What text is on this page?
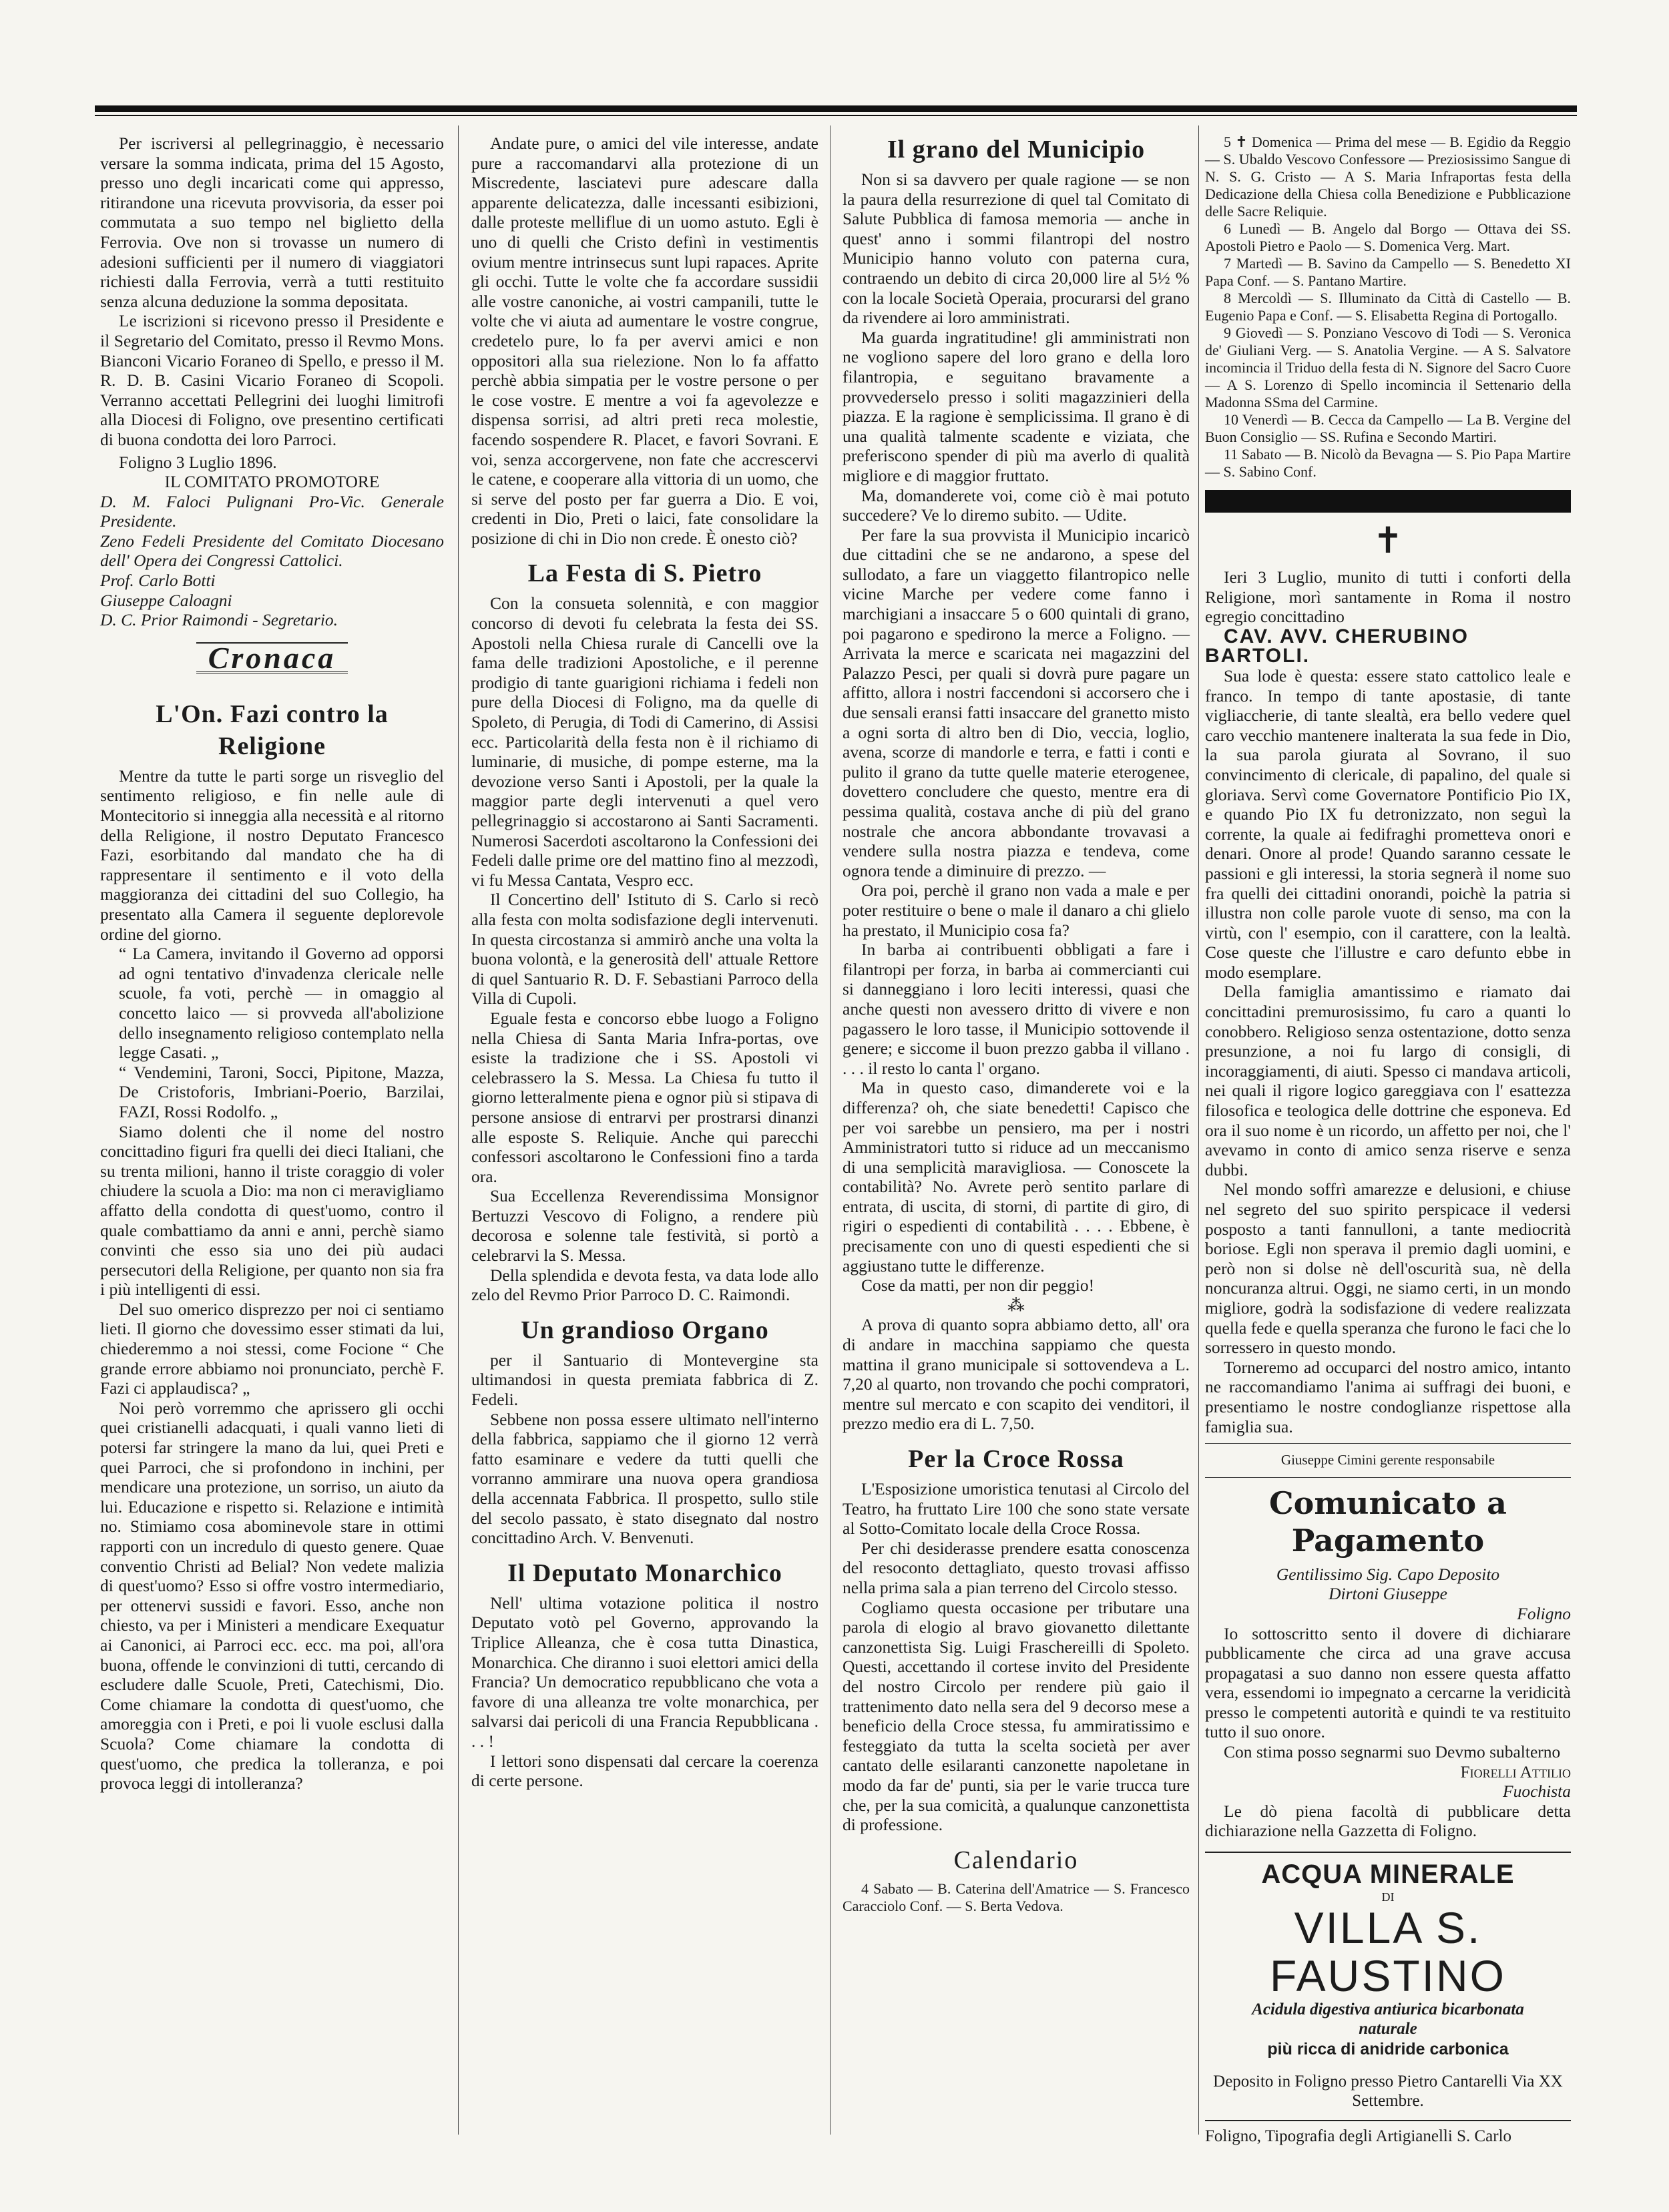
Per iscriversi al pellegrinaggio, è necessario versare la somma indicata, prima del 15 Agosto, presso uno degli incaricati come qui appresso, ritirandone una ricevuta provvisoria, da esser poi commutata a suo tempo nel biglietto della Ferrovia. Ove non si trovasse un numero di adesioni sufficienti per il numero di viaggiatori richiesti dalla Ferrovia, verrà a tutti restituito senza alcuna deduzione la somma depositata.

Le iscrizioni si ricevono presso il Presidente e il Segretario del Comitato, presso il Revmo Mons. Bianconi Vicario Foraneo di Spello, e presso il M. R. D. B. Casini Vicario Foraneo di Scopoli. Verranno accettati Pellegrini dei luoghi limitrofi alla Diocesi di Foligno, ove presentino certificati di buona condotta dei loro Parroci.

Foligno 3 Luglio 1896.

IL COMITATO PROMOTORE

D. M. Faloci Pulignani Pro-Vic. Generale Presidente.

Zeno Fedeli Presidente del Comitato Diocesano dell' Opera dei Congressi Cattolici.

Prof. Carlo Botti

Giuseppe Caloagni

D. C. Prior Raimondi - Segretario.

Cronaca
L'On. Fazi contro la Religione

Mentre da tutte le parti sorge un risveglio del sentimento religioso, e fin nelle aule di Montecitorio si inneggia alla necessità e al ritorno della Religione, il nostro Deputato Francesco Fazi, esorbitando dal mandato che ha di rappresentare il sentimento e il voto della maggioranza dei cittadini del suo Collegio, ha presentato alla Camera il seguente deplorevole ordine del giorno.

“ La Camera, invitando il Governo ad opporsi ad ogni tentativo d'invadenza clericale nelle scuole, fa voti, perchè — in omaggio al concetto laico — si provveda all'abolizione dello insegnamento religioso contemplato nella legge Casati. „

“ Vendemini, Taroni, Socci, Pipitone, Mazza, De Cristoforis, Imbriani-Poerio, Barzilai, FAZI, Rossi Rodolfo. „

Siamo dolenti che il nome del nostro concittadino figuri fra quelli dei dieci Italiani, che su trenta milioni, hanno il triste coraggio di voler chiudere la scuola a Dio: ma non ci meravigliamo affatto della condotta di quest'uomo, contro il quale combattiamo da anni e anni, perchè siamo convinti che esso sia uno dei più audaci persecutori della Religione, per quanto non sia fra i più intelligenti di essi.

Del suo omerico disprezzo per noi ci sentiamo lieti. Il giorno che dovessimo esser stimati da lui, chiederemmo a noi stessi, come Focione “ Che grande errore abbiamo noi pronunciato, perchè F. Fazi ci applaudisca? „

Noi però vorremmo che aprissero gli occhi quei cristianelli adacquati, i quali vanno lieti di potersi far stringere la mano da lui, quei Preti e quei Parroci, che si profondono in inchini, per mendicare una protezione, un sorriso, un aiuto da lui. Educazione e rispetto si. Relazione e intimità no. Stimiamo cosa abominevole stare in ottimi rapporti con un incredulo di questo genere. Quae conventio Christi ad Belial? Non vedete malizia di quest'uomo? Esso si offre vostro intermediario, per ottenervi sussidi e favori. Esso, anche non chiesto, va per i Ministeri a mendicare Exequatur ai Canonici, ai Parroci ecc. ecc. ma poi, all'ora buona, offende le convinzioni di tutti, cercando di escludere dalle Scuole, Preti, Catechismi, Dio. Come chiamare la condotta di quest'uomo, che amoreggia con i Preti, e poi li vuole esclusi dalla Scuola? Come chiamare la condotta di quest'uomo, che predica la tolleranza, e poi provoca leggi di intolleranza?

Andate pure, o amici del vile interesse, andate pure a raccomandarvi alla protezione di un Miscredente, lasciatevi pure adescare dalla apparente delicatezza, dalle incessanti esibizioni, dalle proteste melliflue di un uomo astuto. Egli è uno di quelli che Cristo definì in vestimentis ovium mentre intrinsecus sunt lupi rapaces. Aprite gli occhi. Tutte le volte che fa accordare sussidii alle vostre canoniche, ai vostri campanili, tutte le volte che vi aiuta ad aumentare le vostre congrue, credetelo pure, lo fa per avervi amici e non oppositori alla sua rielezione. Non lo fa affatto perchè abbia simpatia per le vostre persone o per le cose vostre. E mentre a voi fa agevolezze e dispensa sorrisi, ad altri preti reca molestie, facendo sospendere R. Placet, e favori Sovrani. E voi, senza accorgervene, non fate che accrescervi le catene, e cooperare alla vittoria di un uomo, che si serve del posto per far guerra a Dio. E voi, credenti in Dio, Preti o laici, fate consolidare la posizione di chi in Dio non crede. È onesto ciò?

La Festa di S. Pietro

Con la consueta solennità, e con maggior concorso di devoti fu celebrata la festa dei SS. Apostoli nella Chiesa rurale di Cancelli ove la fama delle tradizioni Apostoliche, e il perenne prodigio di tante guarigioni richiama i fedeli non pure della Diocesi di Foligno, ma da quelle di Spoleto, di Perugia, di Todi di Camerino, di Assisi ecc. Particolarità della festa non è il richiamo di luminarie, di musiche, di pompe esterne, ma la devozione verso Santi i Apostoli, per la quale la maggior parte degli intervenuti a quel vero pellegrinaggio si accostarono ai Santi Sacramenti. Numerosi Sacerdoti ascoltarono la Confessioni dei Fedeli dalle prime ore del mattino fino al mezzodì, vi fu Messa Cantata, Vespro ecc.

Il Concertino dell' Istituto di S. Carlo si recò alla festa con molta sodisfazione degli intervenuti. In questa circostanza si ammirò anche una volta la buona volontà, e la generosità dell' attuale Rettore di quel Santuario R. D. F. Sebastiani Parroco della Villa di Cupoli.

Eguale festa e concorso ebbe luogo a Foligno nella Chiesa di Santa Maria Infra-portas, ove esiste la tradizione che i SS. Apostoli vi celebrassero la S. Messa. La Chiesa fu tutto il giorno letteralmente piena e ognor più si stipava di persone ansiose di entrarvi per prostrarsi dinanzi alle esposte S. Reliquie. Anche qui parecchi confessori ascoltarono le Confessioni fino a tarda ora.

Sua Eccellenza Reverendissima Monsignor Bertuzzi Vescovo di Foligno, a rendere più decorosa e solenne tale festività, si portò a celebrarvi la S. Messa.

Della splendida e devota festa, va data lode allo zelo del Revmo Prior Parroco D. C. Raimondi.

Un grandioso Organo

per il Santuario di Montevergine sta ultimandosi in questa premiata fabbrica di Z. Fedeli.

Sebbene non possa essere ultimato nell'interno della fabbrica, sappiamo che il giorno 12 verrà fatto esaminare e vedere da tutti quelli che vorranno ammirare una nuova opera grandiosa della accennata Fabbrica. Il prospetto, sullo stile del secolo passato, è stato disegnato dal nostro concittadino Arch. V. Benvenuti.

Il Deputato Monarchico

Nell' ultima votazione politica il nostro Deputato votò pel Governo, approvando la Triplice Alleanza, che è cosa tutta Dinastica, Monarchica. Che diranno i suoi elettori amici della Francia? Un democratico repubblicano che vota a favore di una alleanza tre volte monarchica, per salvarsi dai pericoli di una Francia Repubblicana . . . !

I lettori sono dispensati dal cercare la coerenza di certe persone.

Il grano del Municipio

Non si sa davvero per quale ragione — se non la paura della resurrezione di quel tal Comitato di Salute Pubblica di famosa memoria — anche in quest' anno i sommi filantropi del nostro Municipio hanno voluto con paterna cura, contraendo un debito di circa 20,000 lire al 5½ % con la locale Società Operaia, procurarsi del grano da rivendere ai loro amministrati.

Ma guarda ingratitudine! gli amministrati non ne vogliono sapere del loro grano e della loro filantropia, e seguitano bravamente a provvederselo presso i soliti magazzinieri della piazza. E la ragione è semplicissima. Il grano è di una qualità talmente scadente e viziata, che preferiscono spender di più ma averlo di qualità migliore e di maggior fruttato.

Ma, domanderete voi, come ciò è mai potuto succedere? Ve lo diremo subito. — Udite.

Per fare la sua provvista il Municipio incaricò due cittadini che se ne andarono, a spese del sullodato, a fare un viaggetto filantropico nelle vicine Marche per vedere come fanno i marchigiani a insaccare 5 o 600 quintali di grano, poi pagarono e spedirono la merce a Foligno. — Arrivata la merce e scaricata nei magazzini del Palazzo Pesci, per quali si dovrà pure pagare un affitto, allora i nostri faccendoni si accorsero che i due sensali eransi fatti insaccare del granetto misto a ogni sorta di altro ben di Dio, veccia, loglio, avena, scorze di mandorle e terra, e fatti i conti e pulito il grano da tutte quelle materie eterogenee, dovettero concludere che questo, mentre era di pessima qualità, costava anche di più del grano nostrale che ancora abbondante trovavasi a vendere sulla nostra piazza e tendeva, come ognora tende a diminuire di prezzo. —

Ora poi, perchè il grano non vada a male e per poter restituire o bene o male il danaro a chi glielo ha prestato, il Municipio cosa fa?

In barba ai contribuenti obbligati a fare i filantropi per forza, in barba ai commercianti cui si danneggiano i loro leciti interessi, quasi che anche questi non avessero dritto di vivere e non pagassero le loro tasse, il Municipio sottovende il genere; e siccome il buon prezzo gabba il villano . . . . il resto lo canta l' organo.

Ma in questo caso, dimanderete voi e la differenza? oh, che siate benedetti! Capisco che per voi sarebbe un pensiero, ma per i nostri Amministratori tutto si riduce ad un meccanismo di una semplicità maravigliosa. — Conoscete la contabilità? No. Avrete però sentito parlare di entrata, di uscita, di storni, di partite di giro, di rigiri o espedienti di contabilità . . . . Ebbene, è precisamente con uno di questi espedienti che si aggiustano tutte le differenze.

Cose da matti, per non dir peggio!

⁂

A prova di quanto sopra abbiamo detto, all' ora di andare in macchina sappiamo che questa mattina il grano municipale si sottovendeva a L. 7,20 al quarto, non trovando che pochi compratori, mentre sul mercato e con scapito dei venditori, il prezzo medio era di L. 7,50.

Per la Croce Rossa

L'Esposizione umoristica tenutasi al Circolo del Teatro, ha fruttato Lire 100 che sono state versate al Sotto-Comitato locale della Croce Rossa.

Per chi desiderasse prendere esatta conoscenza del resoconto dettagliato, questo trovasi affisso nella prima sala a pian terreno del Circolo stesso.

Cogliamo questa occasione per tributare una parola di elogio al bravo giovanetto dilettante canzonettista Sig. Luigi Fraschereilli di Spoleto. Questi, accettando il cortese invito del Presidente del nostro Circolo per rendere più gaio il trattenimento dato nella sera del 9 decorso mese a beneficio della Croce stessa, fu ammiratissimo e festeggiato da tutta la scelta società per aver cantato delle esilaranti canzonette napoletane in modo da far de' punti, sia per le varie trucca ture che, per la sua comicità, a qualunque canzonettista di professione.

Calendario

4 Sabato — B. Caterina dell'Amatrice — S. Francesco Caracciolo Conf. — S. Berta Vedova.

5 ✝ Domenica — Prima del mese — B. Egidio da Reggio — S. Ubaldo Vescovo Confessore — Preziosissimo Sangue di N. S. G. Cristo — A S. Maria Infraportas festa della Dedicazione della Chiesa colla Benedizione e Pubblicazione delle Sacre Reliquie.

6 Lunedì — B. Angelo dal Borgo — Ottava dei SS. Apostoli Pietro e Paolo — S. Domenica Verg. Mart.

7 Martedì — B. Savino da Campello — S. Benedetto XI Papa Conf. — S. Pantano Martire.

8 Mercoldì — S. Illuminato da Città di Castello — B. Eugenio Papa e Conf. — S. Elisabetta Regina di Portogallo.

9 Giovedì — S. Ponziano Vescovo di Todi — S. Veronica de' Giuliani Verg. — S. Anatolia Vergine. — A S. Salvatore incomincia il Triduo della festa di N. Signore del Sacro Cuore — A S. Lorenzo di Spello incomincia il Settenario della Madonna SSma del Carmine.

10 Venerdì — B. Cecca da Campello — La B. Vergine del Buon Consiglio — SS. Rufina e Secondo Martiri.

11 Sabato — B. Nicolò da Bevagna — S. Pio Papa Martire — S. Sabino Conf.

✝

Ieri 3 Luglio, munito di tutti i conforti della Religione, morì santamente in Roma il nostro egregio concittadino

CAV. AVV. CHERUBINO BARTOLI.

Sua lode è questa: essere stato cattolico leale e franco. In tempo di tante apostasie, di tante vigliaccherie, di tante slealtà, era bello vedere quel caro vecchio mantenere inalterata la sua fede in Dio, la sua parola giurata al Sovrano, il suo convincimento di clericale, di papalino, del quale si gloriava. Servì come Governatore Pontificio Pio IX, e quando Pio IX fu detronizzato, non seguì la corrente, la quale ai fedifraghi prometteva onori e denari. Onore al prode! Quando saranno cessate le passioni e gli interessi, la storia segnerà il nome suo fra quelli dei cittadini onorandi, poichè la patria si illustra non colle parole vuote di senso, ma con la virtù, con l' esempio, con il carattere, con la lealtà. Cose queste che l'illustre e caro defunto ebbe in modo esemplare.

Della famiglia amantissimo e riamato dai concittadini premurosissimo, fu caro a quanti lo conobbero. Religioso senza ostentazione, dotto senza presunzione, a noi fu largo di consigli, di incoraggiamenti, di aiuti. Spesso ci mandava articoli, nei quali il rigore logico gareggiava con l' esattezza filosofica e teologica delle dottrine che esponeva. Ed ora il suo nome è un ricordo, un affetto per noi, che l' avevamo in conto di amico senza riserve e senza dubbi.

Nel mondo soffrì amarezze e delusioni, e chiuse nel segreto del suo spirito perspicace il vedersi posposto a tanti fannulloni, a tante mediocrità boriose. Egli non sperava il premio dagli uomini, e però non si dolse nè dell'oscurità sua, nè della noncuranza altrui. Oggi, ne siamo certi, in un mondo migliore, godrà la sodisfazione di vedere realizzata quella fede e quella speranza che furono le faci che lo sorressero in questo mondo.

Torneremo ad occuparci del nostro amico, intanto ne raccomandiamo l'anima ai suffragi dei buoni, e presentiamo le nostre condoglianze rispettose alla famiglia sua.

Giuseppe Cimini gerente responsabile
Comunicato a Pagamento

Gentilissimo Sig. Capo Deposito

Dirtoni Giuseppe

Foligno

Io sottoscritto sento il dovere di dichiarare pubblicamente che circa ad una grave accusa propagatasi a suo danno non essere questa affatto vera, essendomi io impegnato a cercarne la veridicità presso le competenti autorità e quindi te va restituito tutto il suo onore.

Con stima posso segnarmi suo Devmo subalterno

Fiorelli Attilio

Fuochista

Le dò piena facoltà di pubblicare detta dichiarazione nella Gazzetta di Foligno.

ACQUA MINERALE
DI
VILLA S. FAUSTINO
Acidula digestiva antiurica bicarbonata
naturale
più ricca di anidride carbonica
Deposito in Foligno presso Pietro Cantarelli Via XX Settembre.
Foligno, Tipografia degli Artigianelli S. Carlo
